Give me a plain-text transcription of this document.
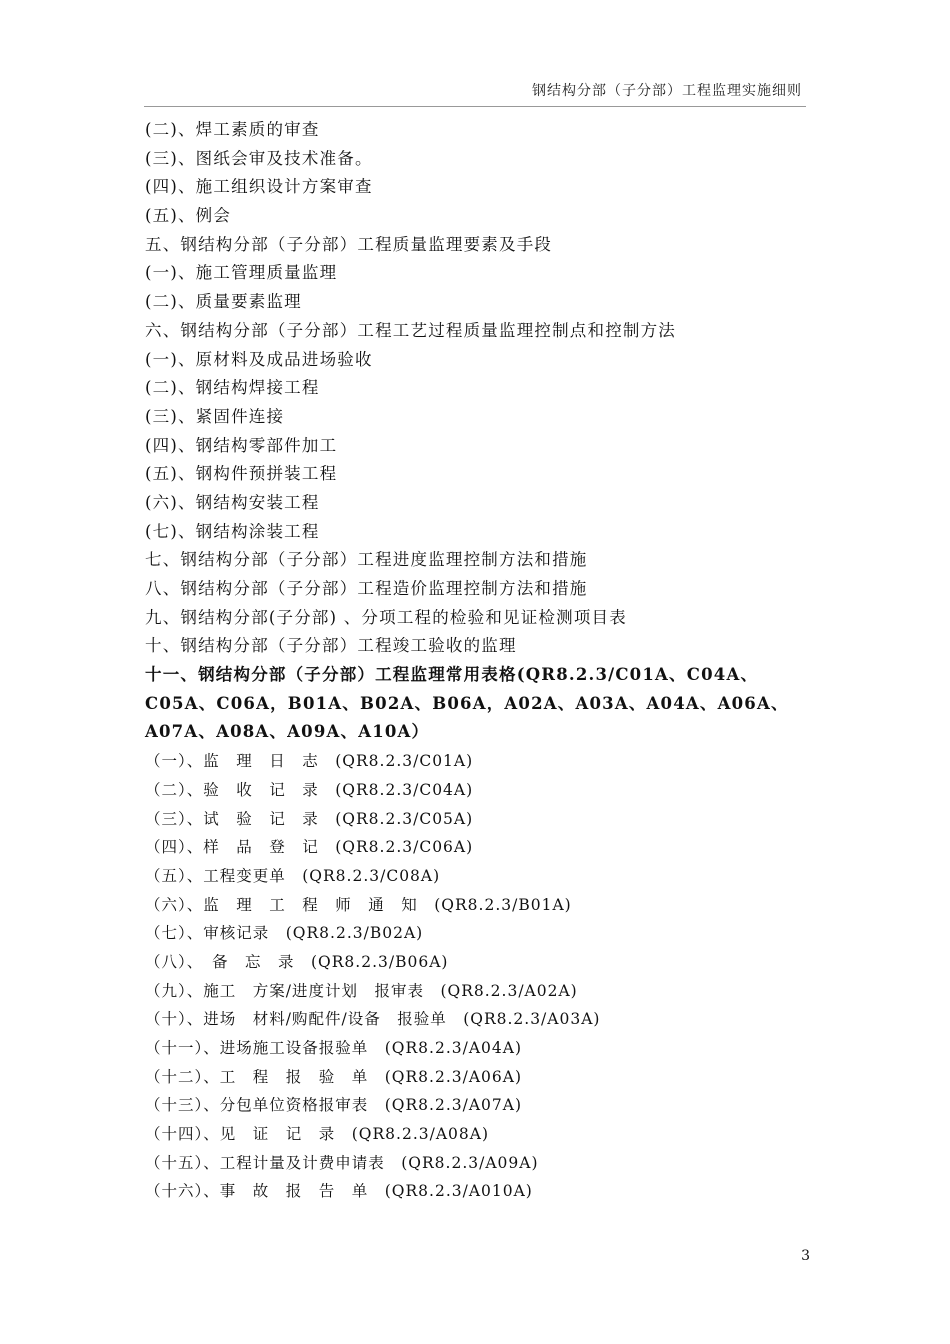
钢结构分部（子分部）工程监理实施细则
(二)、焊工素质的审查
(三)、图纸会审及技术准备。
(四)、施工组织设计方案审查
(五)、例会
五、钢结构分部（子分部）工程质量监理要素及手段
(一)、施工管理质量监理
(二)、质量要素监理
六、钢结构分部（子分部）工程工艺过程质量监理控制点和控制方法
(一)、原材料及成品进场验收
(二)、钢结构焊接工程
(三)、紧固件连接
(四)、钢结构零部件加工
(五)、钢构件预拼装工程
(六)、钢结构安装工程
(七)、钢结构涂装工程
七、钢结构分部（子分部）工程进度监理控制方法和措施
八、钢结构分部（子分部）工程造价监理控制方法和措施
九、钢结构分部(子分部) 、分项工程的检验和见证检测项目表
十、钢结构分部（子分部）工程竣工验收的监理
十一、钢结构分部（子分部）工程监理常用表格(QR8.2.3/C01A、C04A、
C05A、C06A，B01A、B02A、B06A，A02A、A03A、A04A、A06A、
A07A、A08A、A09A、A10A）
（一）、监　理　日　志　(QR8.2.3/C01A)
（二）、验　收　记　录　(QR8.2.3/C04A)
（三）、试　验　记　录　(QR8.2.3/C05A)
（四）、样　品　登　记　(QR8.2.3/C06A)
（五）、工程变更单　(QR8.2.3/C08A)
（六）、监　理　工　程　师　通　知　(QR8.2.3/B01A)
（七）、审核记录　(QR8.2.3/B02A)
（八）、　备　忘　录　(QR8.2.3/B06A)
（九）、施工　方案/进度计划　报审表　(QR8.2.3/A02A)
（十）、进场　材料/购配件/设备　报验单　(QR8.2.3/A03A)
（十一）、进场施工设备报验单　(QR8.2.3/A04A)
（十二）、工　程　报　验　单　(QR8.2.3/A06A)
（十三）、分包单位资格报审表　(QR8.2.3/A07A)
（十四）、见　证　记　录　(QR8.2.3/A08A)
（十五）、工程计量及计费申请表　(QR8.2.3/A09A)
（十六）、事　故　报　告　单　(QR8.2.3/A010A)
3
